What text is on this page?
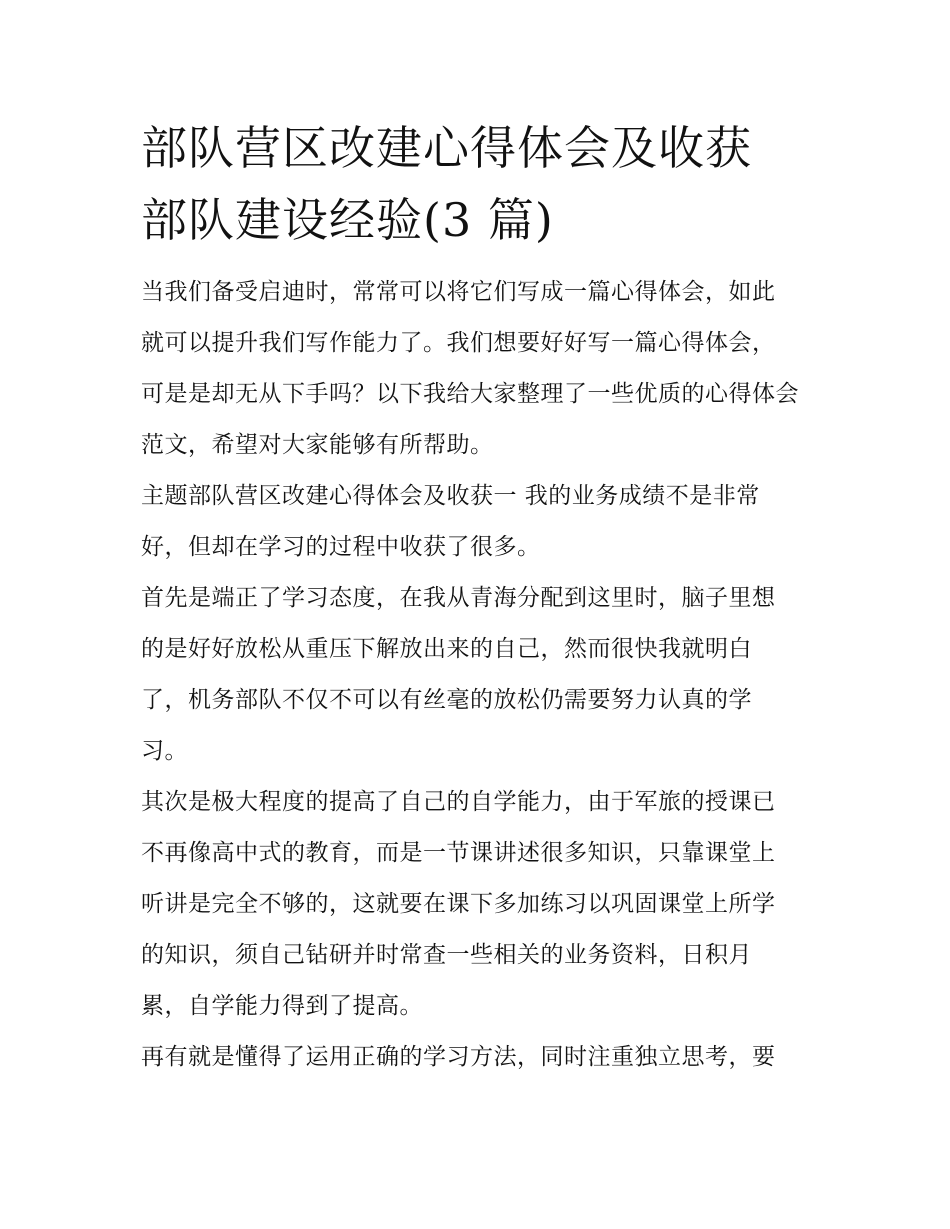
部队营区改建心得体会及收获
部队建设经验(3 篇)

当我们备受启迪时，常常可以将它们写成一篇心得体会，如此
就可以提升我们写作能力了。我们想要好好写一篇心得体会，
可是是却无从下手吗？以下我给大家整理了一些优质的心得体会
范文，希望对大家能够有所帮助。

主题部队营区改建心得体会及收获一 我的业务成绩不是非常
好，但却在学习的过程中收获了很多。

首先是端正了学习态度，在我从青海分配到这里时，脑子里想
的是好好放松从重压下解放出来的自己，然而很快我就明白
了，机务部队不仅不可以有丝毫的放松仍需要努力认真的学
习。

其次是极大程度的提高了自己的自学能力，由于军旅的授课已
不再像高中式的教育，而是一节课讲述很多知识，只靠课堂上
听讲是完全不够的，这就要在课下多加练习以巩固课堂上所学
的知识，须自己钻研并时常查一些相关的业务资料，日积月
累，自学能力得到了提高。

再有就是懂得了运用正确的学习方法，同时注重独立思考，要
